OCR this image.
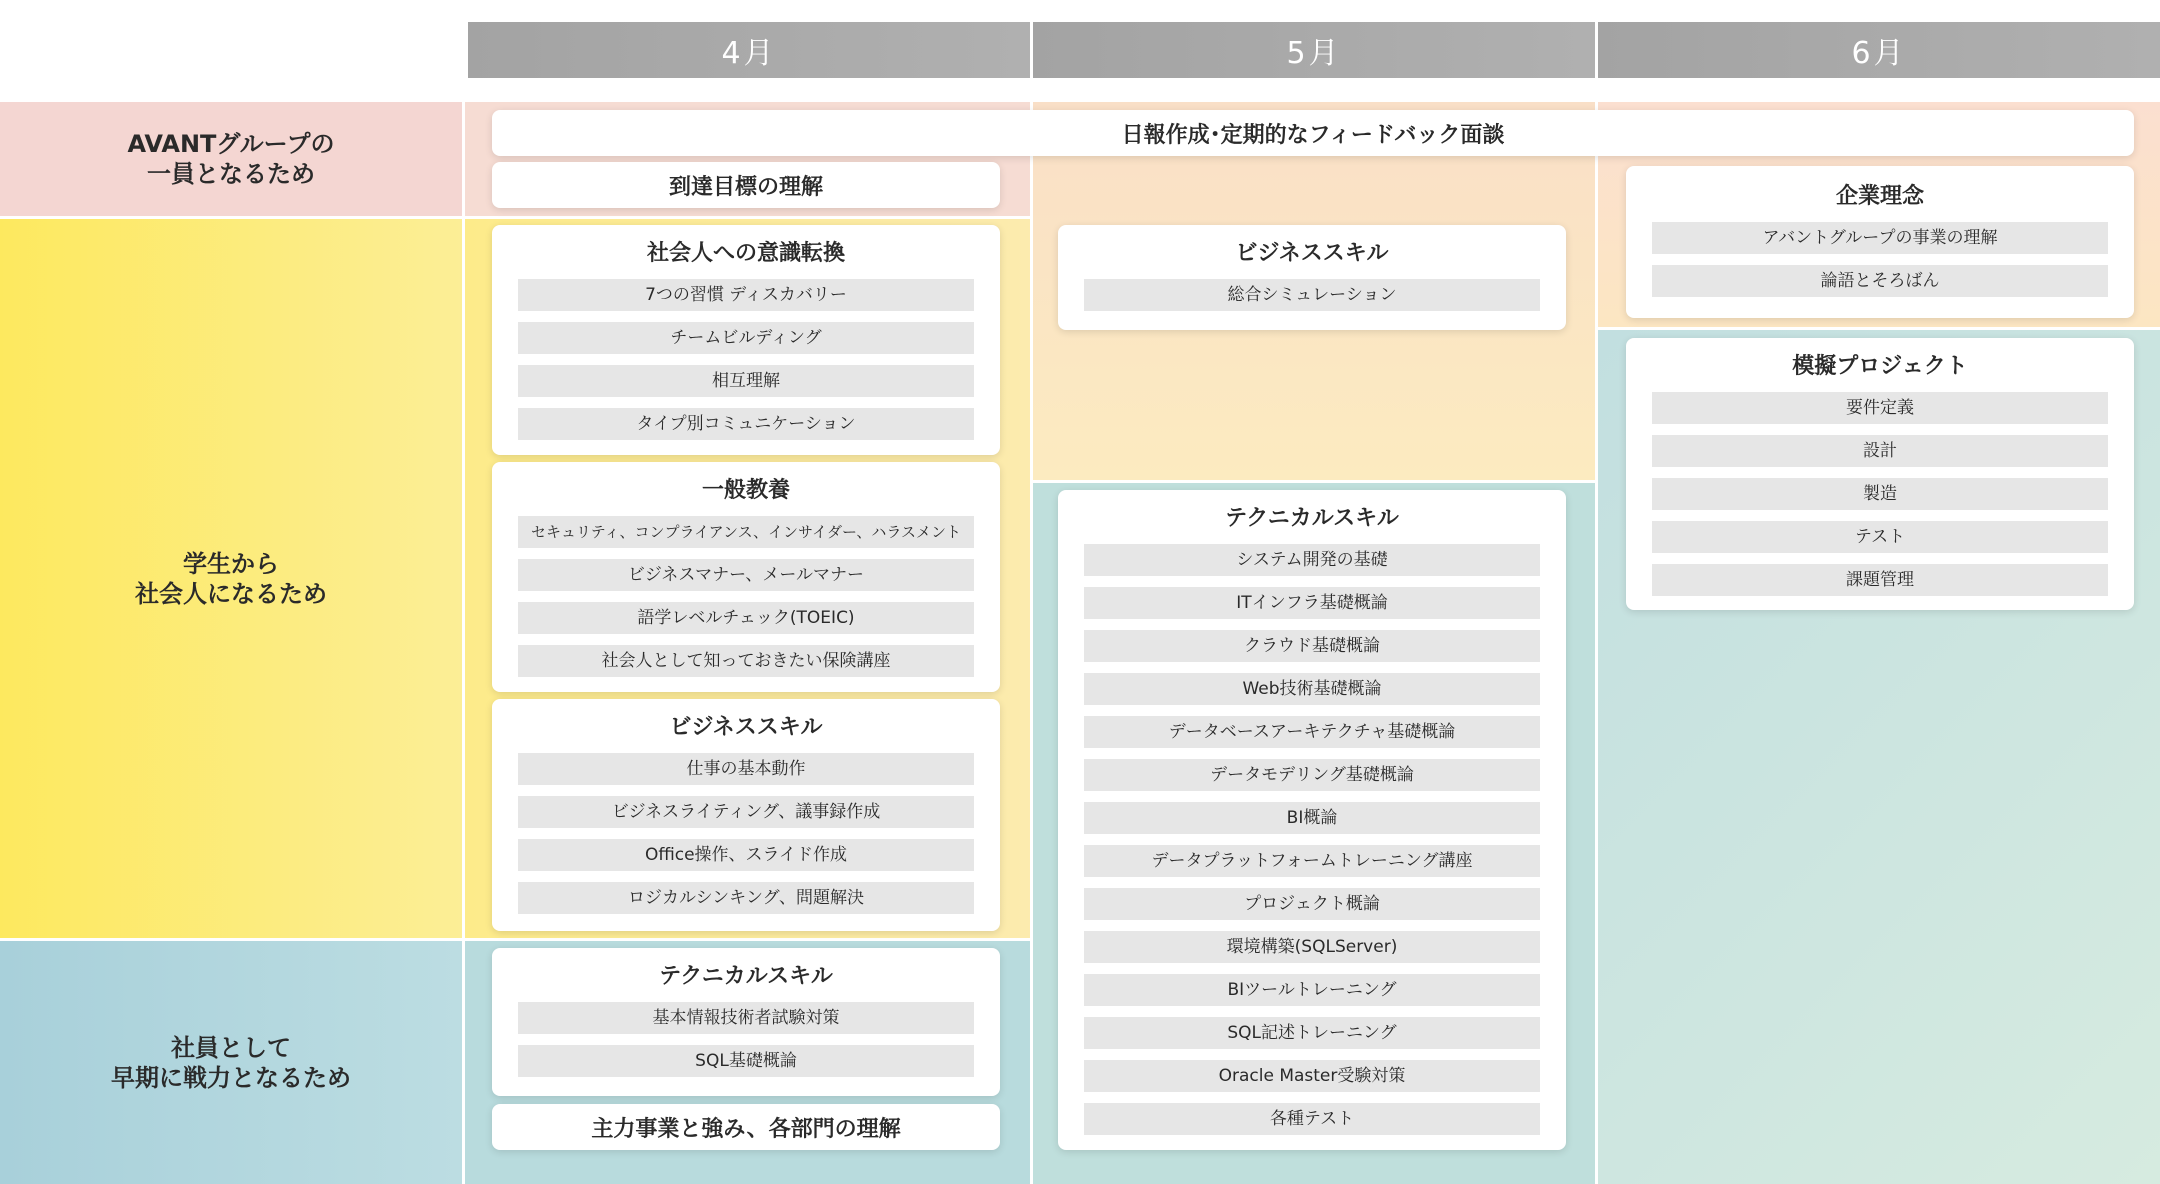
4月	5月	6月
AVANTグループの
一員となるため
学生から
社会人になるため
社員として
早期に戦力となるため
日報作成･定期的なフィードバック面談
到達目標の理解
社会人への意識転換
7つの習慣 ディスカバリー
チームビルディング
相互理解
タイプ別コミュニケーション
一般教養
セキュリティ、コンプライアンス、インサイダー、ハラスメント
ビジネスマナー、メールマナー
語学レベルチェック(TOEIC)
社会人として知っておきたい保険講座
ビジネススキル
仕事の基本動作
ビジネスライティング、議事録作成
Office操作、スライド作成
ロジカルシンキング、問題解決
テクニカルスキル
基本情報技術者試験対策
SQL基礎概論
主力事業と強み、各部門の理解
ビジネススキル
総合シミュレーション
テクニカルスキル
システム開発の基礎
ITインフラ基礎概論
クラウド基礎概論
Web技術基礎概論
データベースアーキテクチャ基礎概論
データモデリング基礎概論
BI概論
データプラットフォームトレーニング講座
プロジェクト概論
環境構築(SQLServer)
BIツールトレーニング
SQL記述トレーニング
Oracle Master受験対策
各種テスト
企業理念
アバントグループの事業の理解
論語とそろばん
模擬プロジェクト
要件定義
設計
製造
テスト
課題管理
